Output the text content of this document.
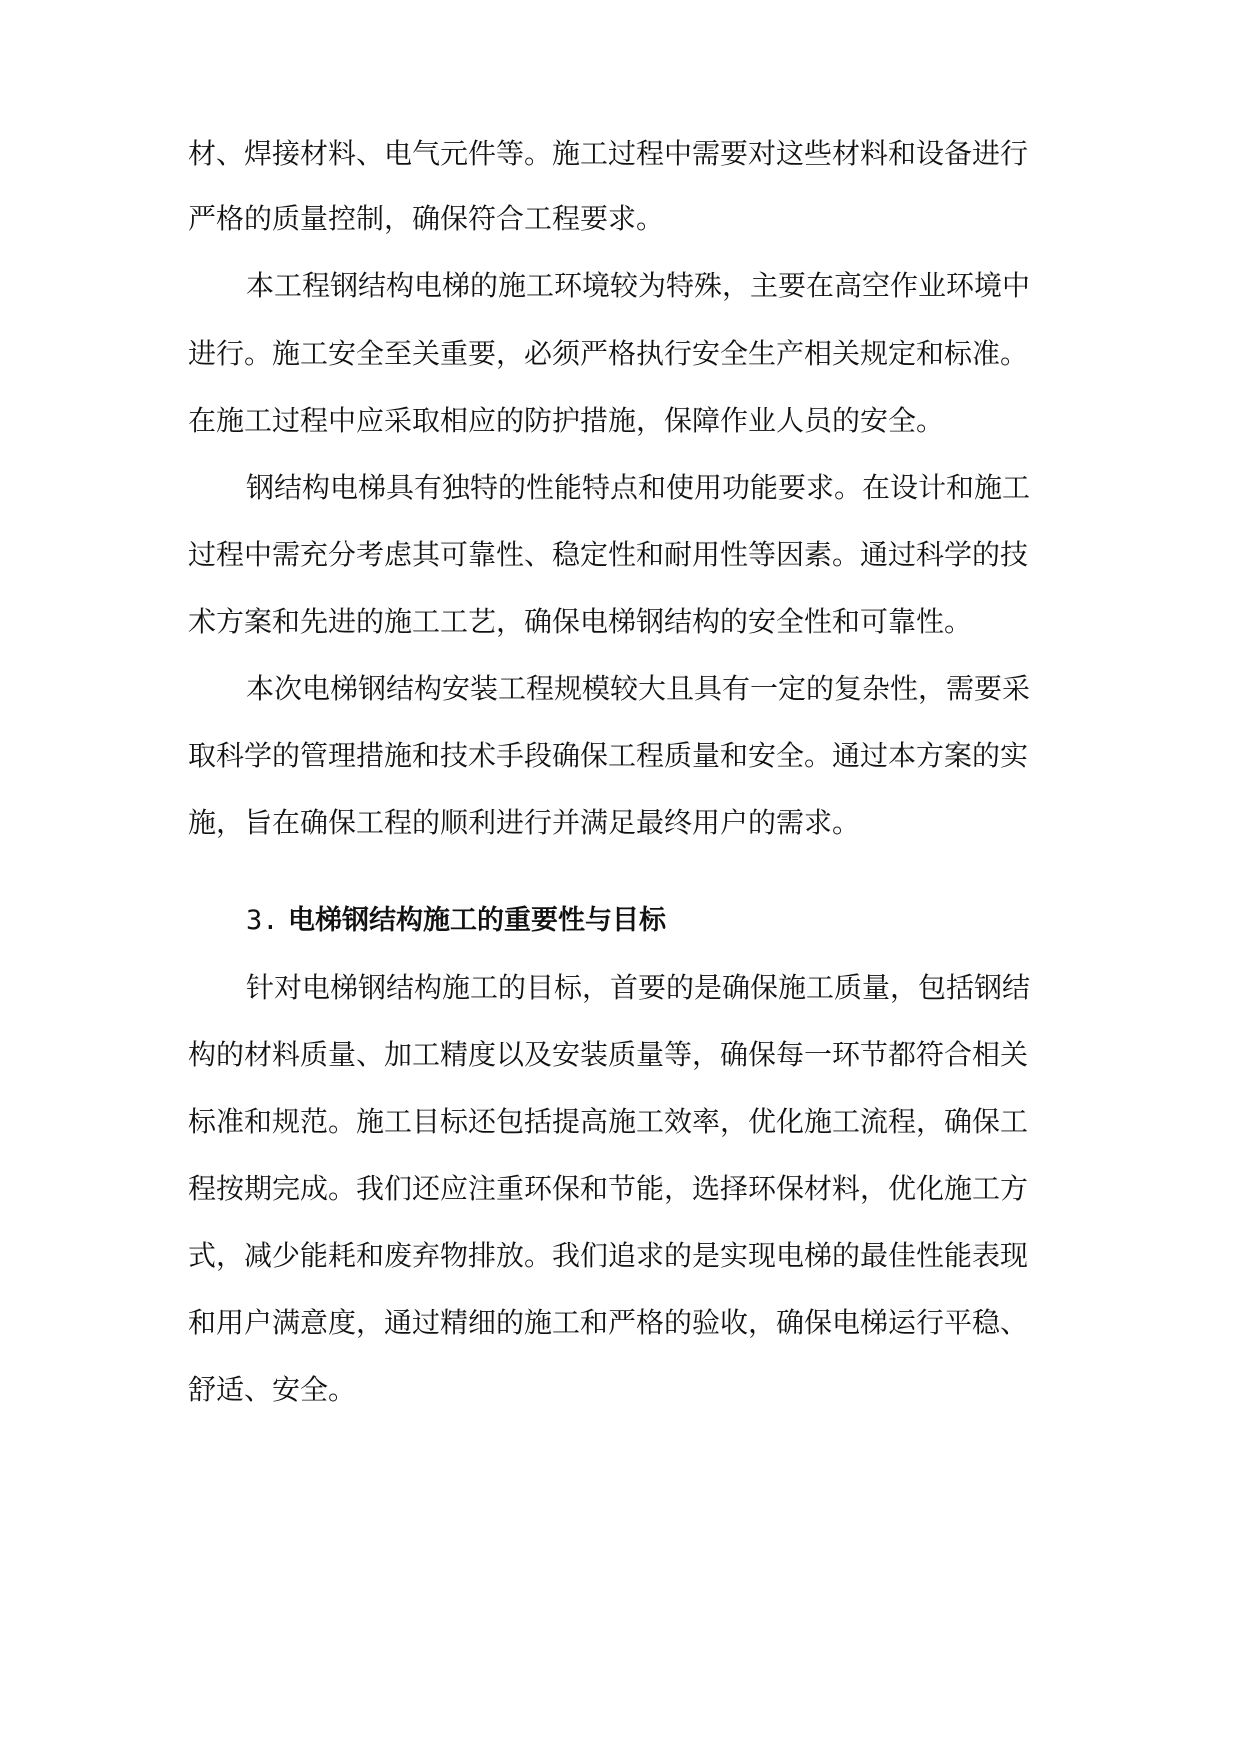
材、焊接材料、电气元件等。施工过程中需要对这些材料和设备进行

严格的质量控制，确保符合工程要求。

本工程钢结构电梯的施工环境较为特殊，主要在高空作业环境中

进行。施工安全至关重要，必须严格执行安全生产相关规定和标准。

在施工过程中应采取相应的防护措施，保障作业人员的安全。

钢结构电梯具有独特的性能特点和使用功能要求。在设计和施工

过程中需充分考虑其可靠性、稳定性和耐用性等因素。通过科学的技

术方案和先进的施工工艺，确保电梯钢结构的安全性和可靠性。

本次电梯钢结构安装工程规模较大且具有一定的复杂性，需要采

取科学的管理措施和技术手段确保工程质量和安全。通过本方案的实

施，旨在确保工程的顺利进行并满足最终用户的需求。

3. 电梯钢结构施工的重要性与目标

针对电梯钢结构施工的目标，首要的是确保施工质量，包括钢结

构的材料质量、加工精度以及安装质量等，确保每一环节都符合相关

标准和规范。施工目标还包括提高施工效率，优化施工流程，确保工

程按期完成。我们还应注重环保和节能，选择环保材料，优化施工方

式，减少能耗和废弃物排放。我们追求的是实现电梯的最佳性能表现

和用户满意度，通过精细的施工和严格的验收，确保电梯运行平稳、

舒适、安全。
